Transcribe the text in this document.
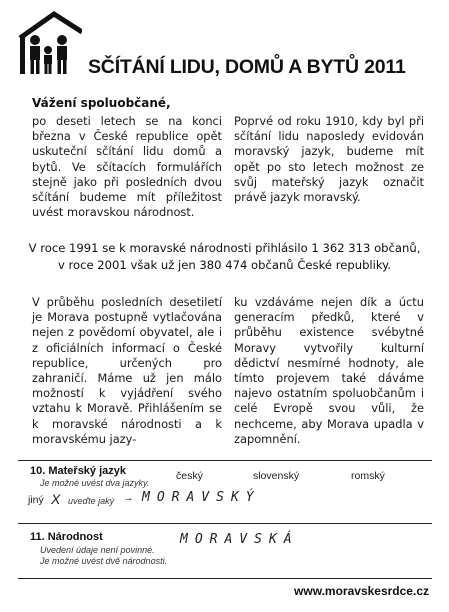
SČÍTÁNÍ LIDU, DOMŮ A BYTŮ 2011
Vážení spoluobčané,
po deseti letech se na konci března v České republice opět uskuteční sčítání lidu domů a bytů. Ve sčítacích formulářích stejně jako při posledních dvou sčítání budeme mít příležitost uvést moravskou národnost.
Poprvé od roku 1910, kdy byl při sčítání lidu naposledy evidován moravský jazyk, budeme mít opět po sto letech možnost ze svůj mateřský jazyk označit právě jazyk moravský.
V roce 1991 se k moravské národnosti přihlásilo 1 362 313 občanů,
v roce 2001 však už jen 380 474 občanů České republiky.
V průběhu posledních desetiletí je Morava postupně vytlačována nejen z povědomí obyvatel, ale i z oficiálních informací o České republice, určených pro zahraničí. Máme už jen málo možností k vyjádření svého vztahu k Moravě. Přihlášením se k moravské národnosti a k moravskému jazy-
ku vzdáváme nejen dík a úctu generacím předků, které v průběhu existence svébytné Moravy vytvořily kulturní dědictví nesmírné hodnoty, ale tímto projevem také dáváme najevo ostatním spoluobčanům i celé Evropě svou vůli, že nechceme, aby Morava upadla v zapomnění.
10. Mateřský jazyk
Je možné uvést dva jazyky.
český	slovenský	romský
jiný X uveďte jaký → MORAVSKÝ
11. Národnost
Uvedení údaje není povinné.
Je možné uvést dvě národnosti.
MORAVSKÁ
www.moravskesrdce.cz
